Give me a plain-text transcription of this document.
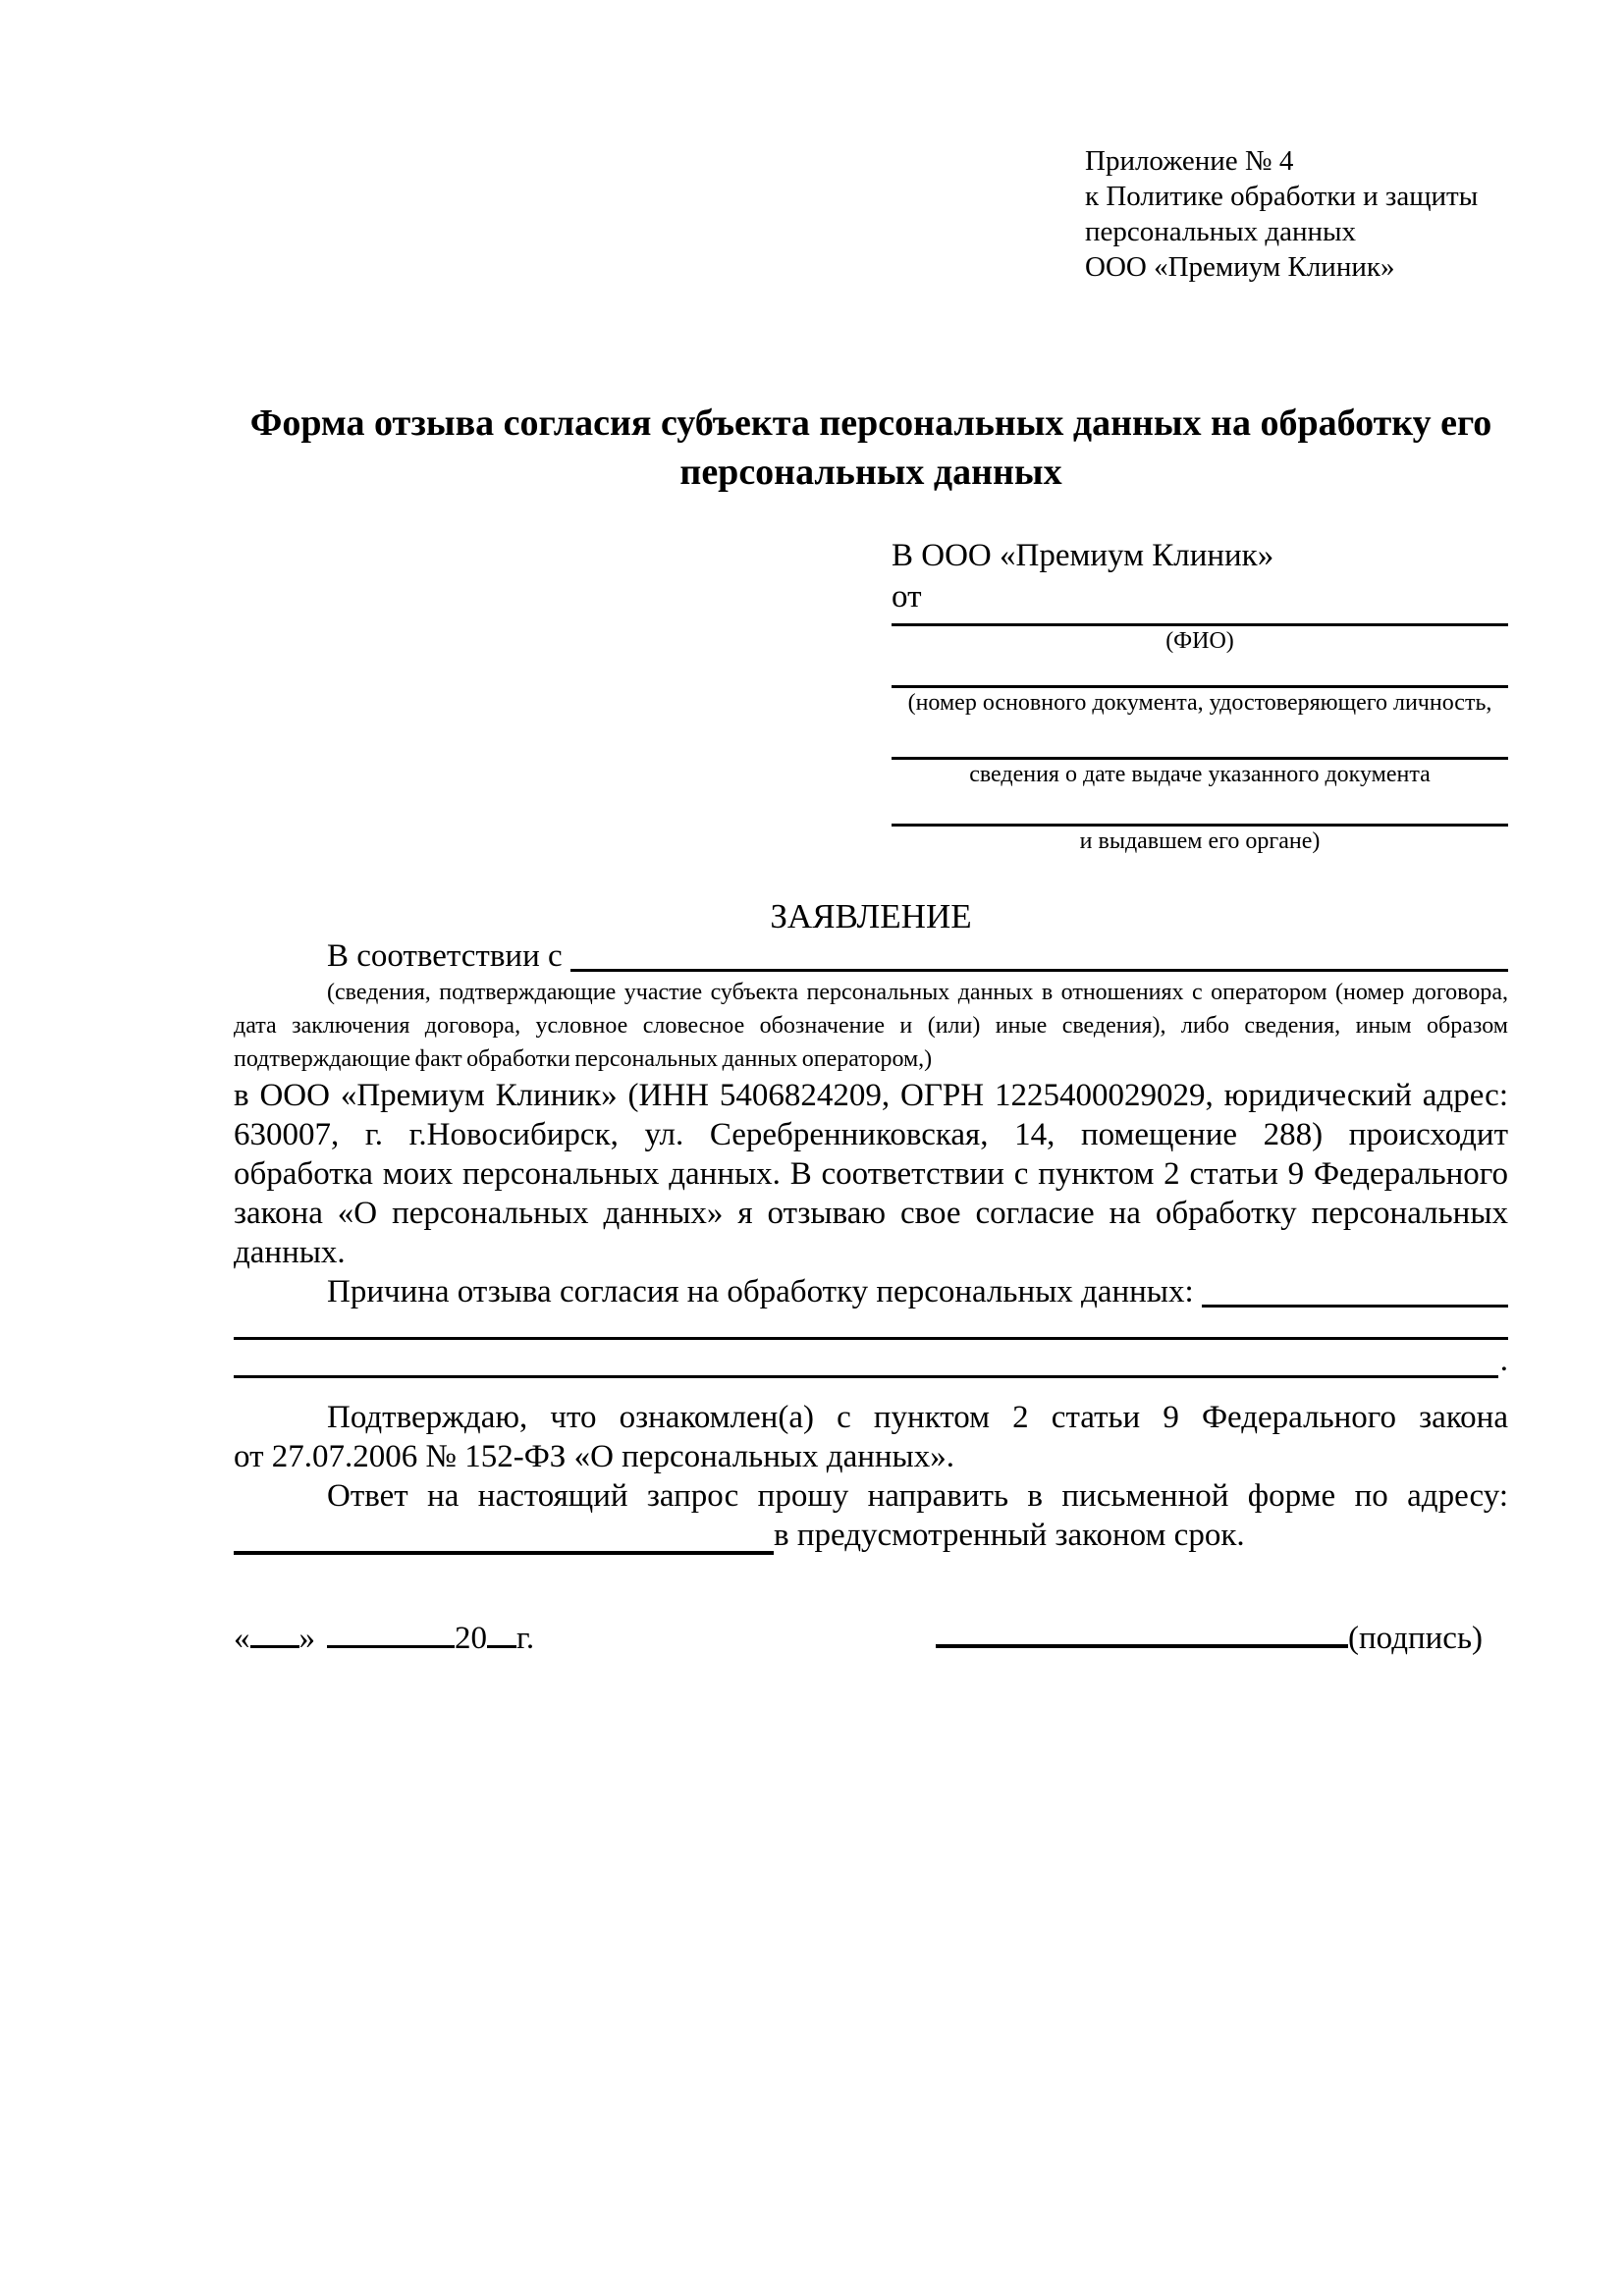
Приложение № 4
к Политике обработки и защиты
персональных данных
ООО «Премиум Клиник»
Форма отзыва согласия субъекта персональных данных на обработку его персональных данных
В ООО «Премиум Клиник»
от
(ФИО)
(номер основного документа, удостоверяющего личность,
сведения о дате выдаче указанного документа
и выдавшем его органе)
ЗАЯВЛЕНИЕ
В соответствии с

(сведения, подтверждающие участие субъекта персональных данных в отношениях с оператором (номер договора, дата заключения договора, условное словесное обозначение и (или) иные сведения), либо сведения, иным образом подтверждающие факт обработки персональных данных оператором,)

в ООО «Премиум Клиник» (ИНН 5406824209, ОГРН 1225400029029, юридический адрес: 630007, г. г.Новосибирск, ул. Серебренниковская, 14, помещение 288) происходит обработка моих персональных данных. В соответствии с пунктом 2 статьи 9 Федерального закона «О персональных данных» я отзываю свое согласие на обработку персональных данных.

Причина отзыва согласия на обработку персональных данных:
.

Подтверждаю, что ознакомлен(а) с пунктом 2 статьи 9 Федерального закона от 27.07.2006 № 152-ФЗ «О персональных данных».

Ответ на настоящий запрос прошу направить в письменной форме по адресу:

в предусмотренный законом срок.
« »	20 г.	(подпись)
